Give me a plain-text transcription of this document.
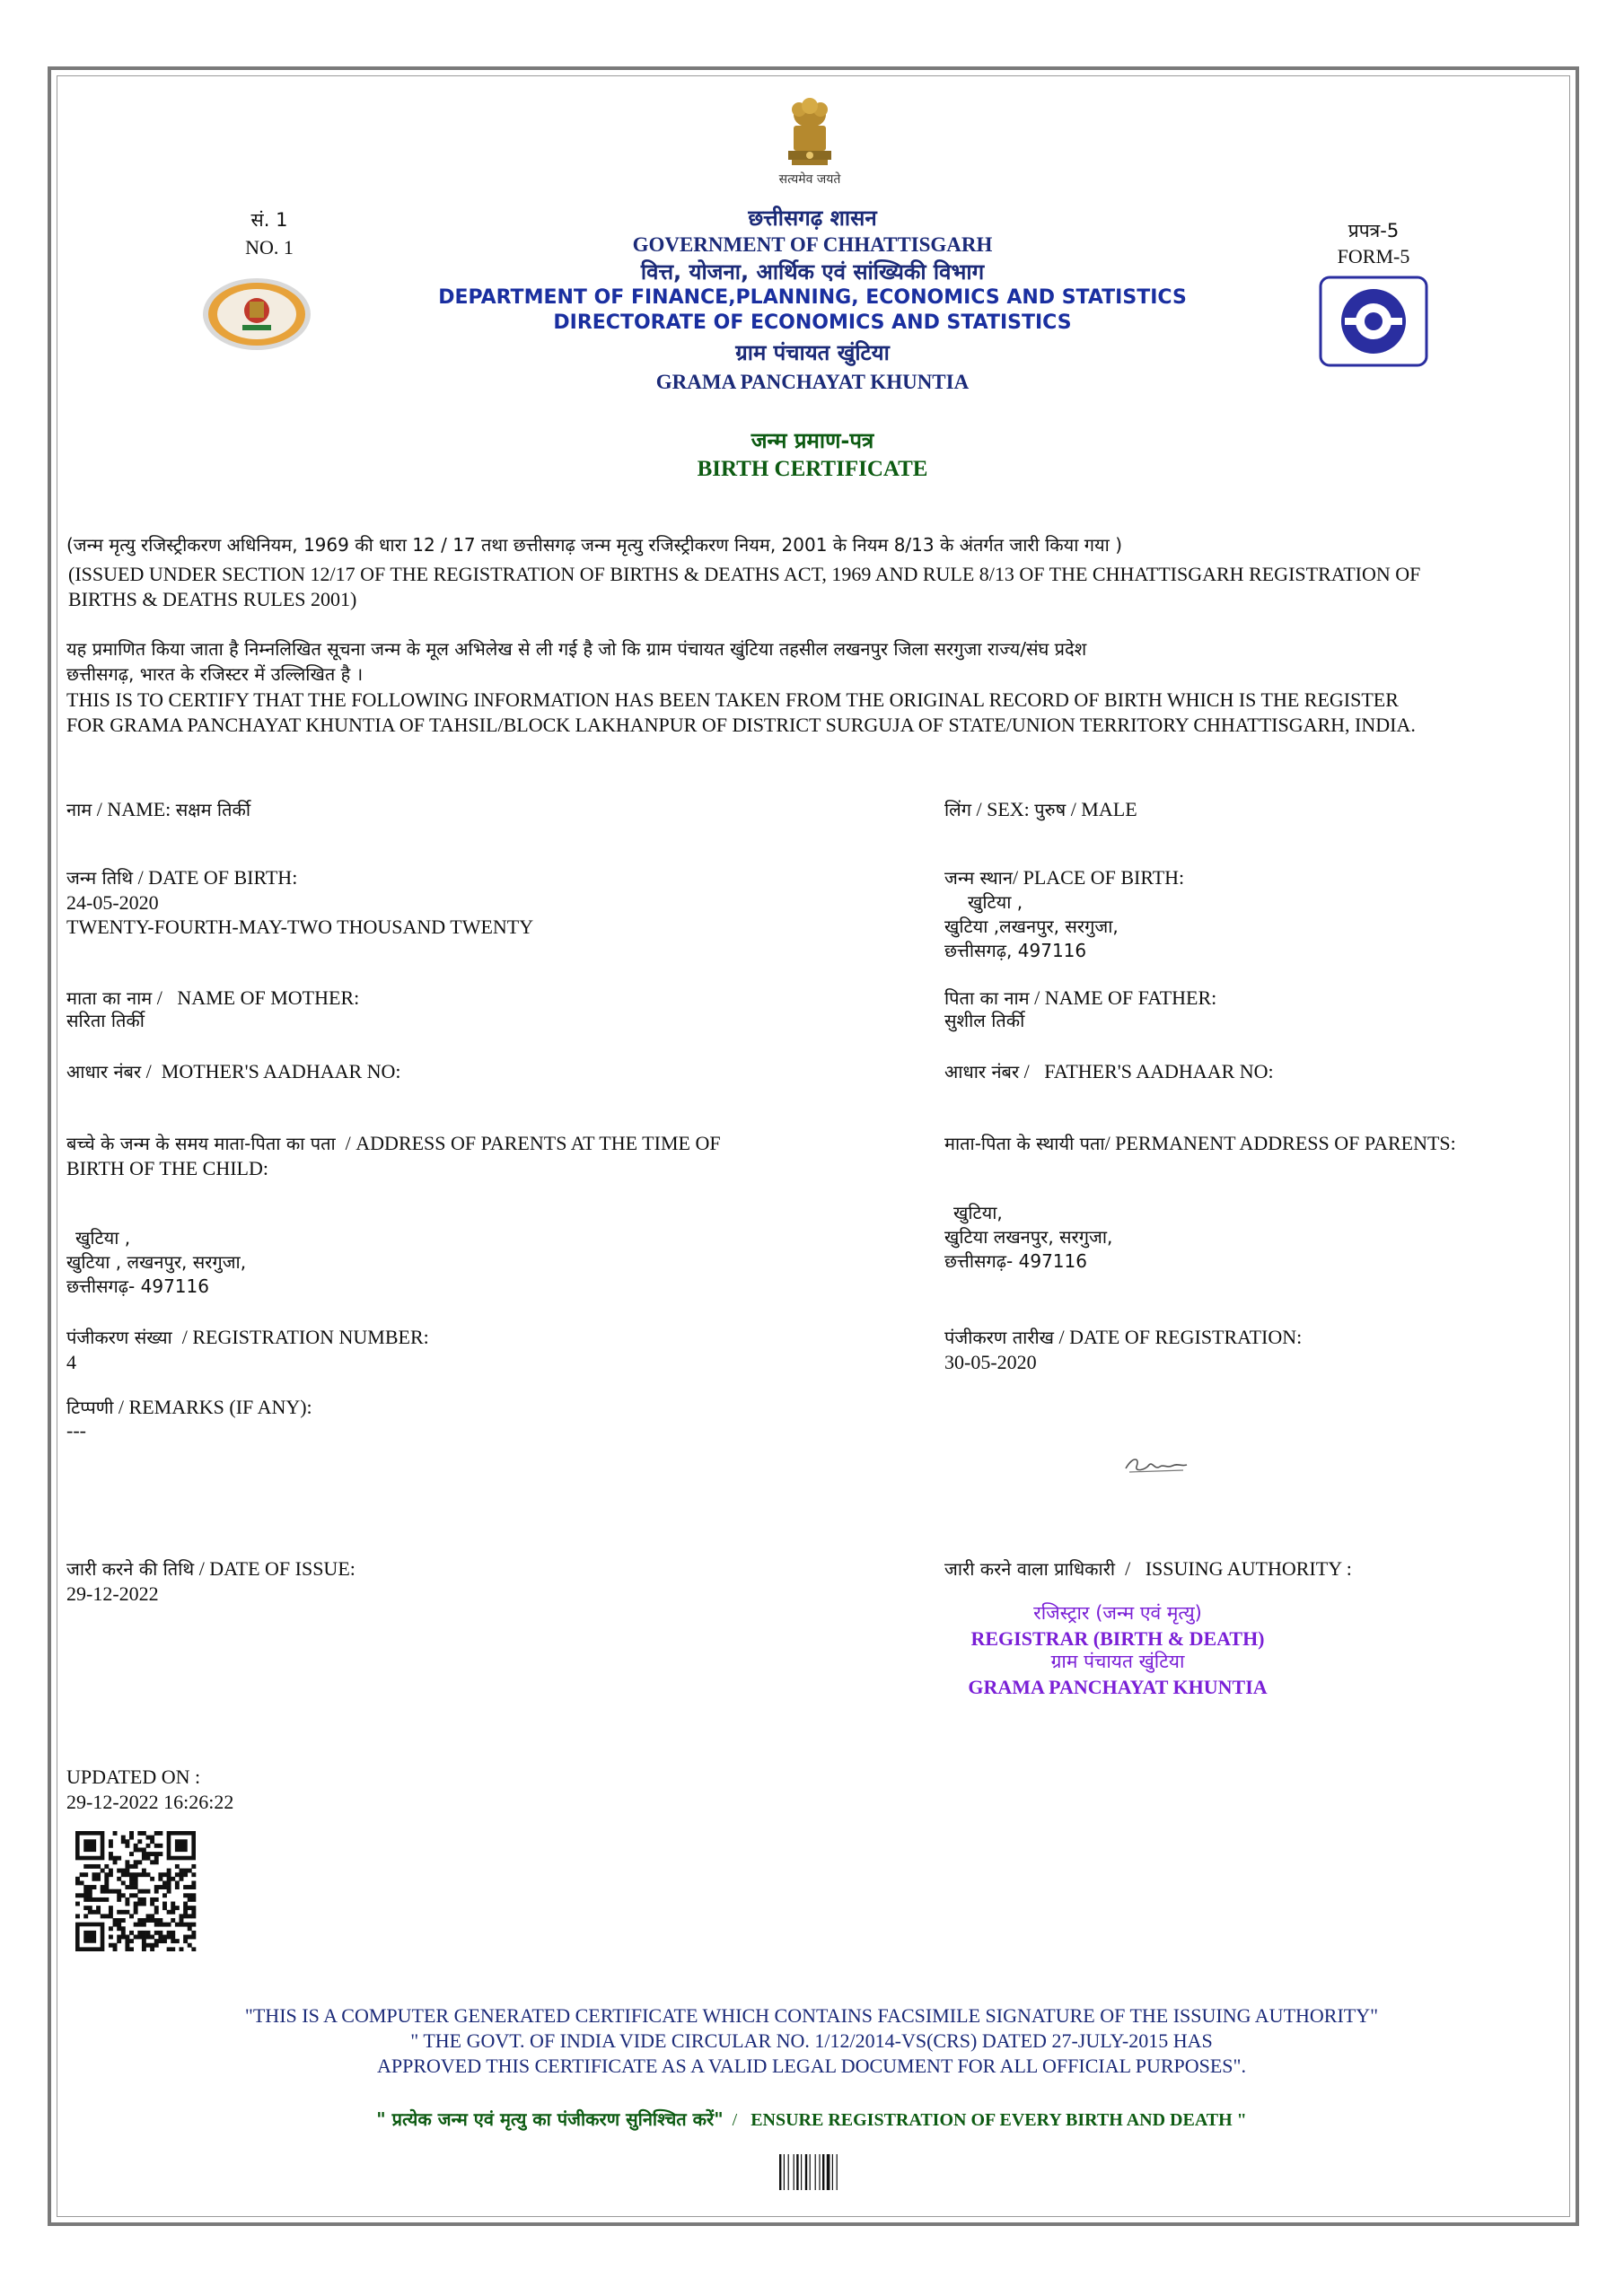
सत्यमेव जयते
सं. 1
NO. 1
प्रपत्र-5
FORM-5
छत्तीसगढ़ शासन
GOVERNMENT OF CHHATTISGARH
वित्त, योजना, आर्थिक एवं सांख्यिकी विभाग
DEPARTMENT OF FINANCE,PLANNING, ECONOMICS AND STATISTICS
DIRECTORATE OF ECONOMICS AND STATISTICS
ग्राम पंचायत खुंटिया
GRAMA PANCHAYAT KHUNTIA
जन्म प्रमाण-पत्र
BIRTH CERTIFICATE
(जन्म मृत्यु रजिस्ट्रीकरण अधिनियम, 1969 की धारा 12 / 17 तथा छत्तीसगढ़ जन्म मृत्यु रजिस्ट्रीकरण नियम, 2001 के नियम 8/13 के अंतर्गत जारी किया गया )
(ISSUED UNDER SECTION 12/17 OF THE REGISTRATION OF BIRTHS & DEATHS ACT, 1969 AND RULE 8/13 OF THE CHHATTISGARH REGISTRATION OF
BIRTHS & DEATHS RULES 2001)
यह प्रमाणित किया जाता है निम्नलिखित सूचना जन्म के मूल अभिलेख से ली गई है जो कि ग्राम पंचायत खुंटिया तहसील लखनपुर जिला सरगुजा राज्य/संघ प्रदेश
छत्तीसगढ़, भारत के रजिस्टर में उल्लिखित है ।
THIS IS TO CERTIFY THAT THE FOLLOWING INFORMATION HAS BEEN TAKEN FROM THE ORIGINAL RECORD OF BIRTH WHICH IS THE REGISTER
FOR GRAMA PANCHAYAT KHUNTIA OF TAHSIL/BLOCK LAKHANPUR OF DISTRICT SURGUJA OF STATE/UNION TERRITORY CHHATTISGARH, INDIA.
नाम / NAME: सक्षम तिर्की	लिंग / SEX: पुरुष / MALE
जन्म तिथि / DATE OF BIRTH:
24-05-2020
TWENTY-FOURTH-MAY-TWO THOUSAND TWENTY
जन्म स्थान/ PLACE OF BIRTH:
खुटिया ,
खुटिया ,लखनपुर, सरगुजा,
छत्तीसगढ़, 497116
माता का नाम /   NAME OF MOTHER:
सरिता तिर्की
पिता का नाम / NAME OF FATHER:
सुशील तिर्की
आधार नंबर /  MOTHER'S AADHAAR NO:	आधार नंबर /   FATHER'S AADHAAR NO:
बच्चे के जन्म के समय माता-पिता का पता  / ADDRESS OF PARENTS AT THE TIME OF
BIRTH OF THE CHILD:
खुटिया ,
खुटिया , लखनपुर, सरगुजा,
छत्तीसगढ़- 497116
माता-पिता के स्थायी पता/ PERMANENT ADDRESS OF PARENTS:
खुटिया,
खुटिया लखनपुर, सरगुजा,
छत्तीसगढ़- 497116
पंजीकरण संख्या  / REGISTRATION NUMBER:
4
पंजीकरण तारीख / DATE OF REGISTRATION:
30-05-2020
टिप्पणी / REMARKS (IF ANY):
---
जारी करने की तिथि / DATE OF ISSUE:
29-12-2022
जारी करने वाला प्राधिकारी  /   ISSUING AUTHORITY :
रजिस्ट्रार (जन्म एवं मृत्यु)
REGISTRAR (BIRTH & DEATH)
ग्राम पंचायत खुंटिया
GRAMA PANCHAYAT KHUNTIA
UPDATED ON :
29-12-2022 16:26:22
"THIS IS A COMPUTER GENERATED CERTIFICATE WHICH CONTAINS FACSIMILE SIGNATURE OF THE ISSUING AUTHORITY"
" THE GOVT. OF INDIA VIDE CIRCULAR NO. 1/12/2014-VS(CRS) DATED 27-JULY-2015 HAS
APPROVED THIS CERTIFICATE AS A VALID LEGAL DOCUMENT FOR ALL OFFICIAL PURPOSES".
" प्रत्येक जन्म एवं मृत्यु का पंजीकरण सुनिश्चित करें"  /   ENSURE REGISTRATION OF EVERY BIRTH AND DEATH "
